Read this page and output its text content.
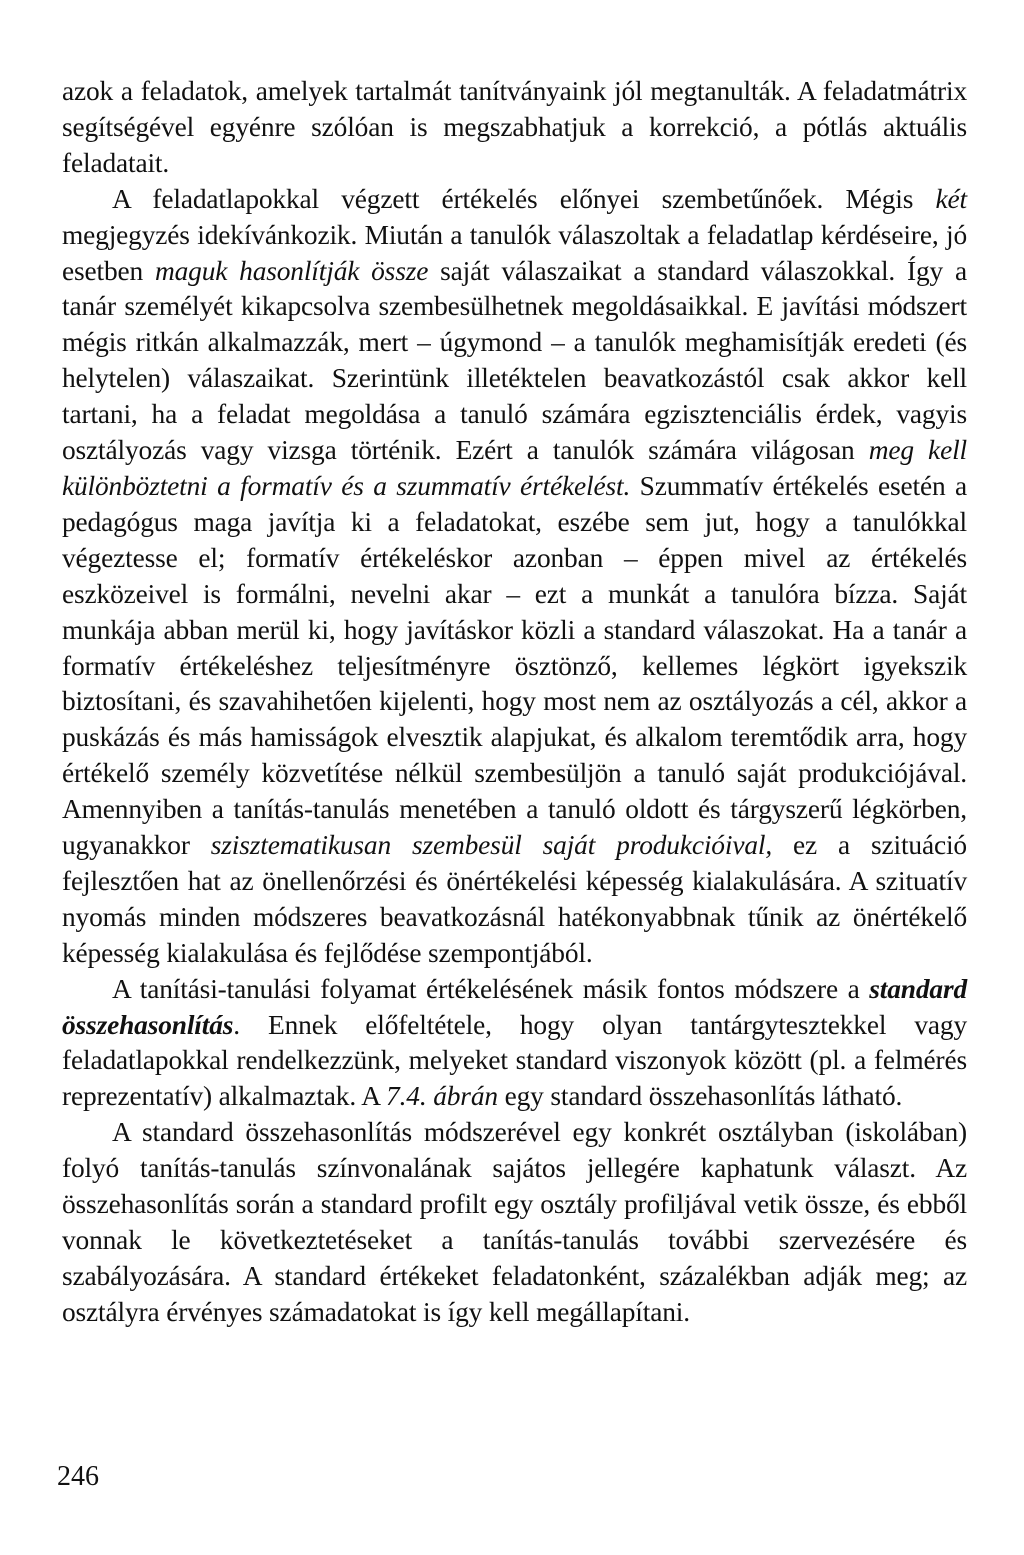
azok a feladatok, amelyek tartalmát tanítványaink jól megtanulták. A feladatmátrix segítségével egyénre szólóan is megszabhatjuk a korrekció, a pótlás aktuális feladatait.

A feladatlapokkal végzett értékelés előnyei szembetűnőek. Mégis két megjegyzés idekívánkozik. Miután a tanulók válaszoltak a feladatlap kérdéseire, jó esetben maguk hasonlítják össze saját válaszaikat a standard válaszokkal. Így a tanár személyét kikapcsolva szembesülhetnek megoldásaikkal. E javítási módszert mégis ritkán alkalmazzák, mert – úgymond – a tanulók meghamisítják eredeti (és helytelen) válaszaikat. Szerintünk illetéktelen beavatkozástól csak akkor kell tartani, ha a feladat megoldása a tanuló számára egzisztenciális érdek, vagyis osztályozás vagy vizsga történik. Ezért a tanulók számára világosan meg kell különböztetni a formatív és a szummatív értékelést. Szummatív értékelés esetén a pedagógus maga javítja ki a feladatokat, eszébe sem jut, hogy a tanulókkal végeztesse el; formatív értékeléskor azonban – éppen mivel az értékelés eszközeivel is formálni, nevelni akar – ezt a munkát a tanulóra bízza. Saját munkája abban merül ki, hogy javításkor közli a standard válaszokat. Ha a tanár a formatív értékeléshez teljesítményre ösztönző, kellemes légkört igyekszik biztosítani, és szavahihetően kijelenti, hogy most nem az osztályozás a cél, akkor a puskázás és más hamisságok elvesztik alapjukat, és alkalom teremtődik arra, hogy értékelő személy közvetítése nélkül szembesüljön a tanuló saját produkciójával. Amennyiben a tanítás-tanulás menetében a tanuló oldott és tárgyszerű légkörben, ugyanakkor szisztematikusan szembesül saját produkcióival, ez a szituáció fejlesztően hat az önellenőrzési és önértékelési képesség kialakulására. A szituatív nyomás minden módszeres beavatkozásnál hatékonyabbnak tűnik az önértékelő képesség kialakulása és fejlődése szempontjából.

A tanítási-tanulási folyamat értékelésének másik fontos módszere a standard összehasonlítás. Ennek előfeltétele, hogy olyan tantárgytesztekkel vagy feladatlapokkal rendelkezzünk, melyeket standard viszonyok között (pl. a felmérés reprezentatív) alkalmaztak. A 7.4. ábrán egy standard összehasonlítás látható.

A standard összehasonlítás módszerével egy konkrét osztályban (iskolában) folyó tanítás-tanulás színvonalának sajátos jellegére kaphatunk választ. Az összehasonlítás során a standard profilt egy osztály profiljával vetik össze, és ebből vonnak le következtetéseket a tanítás-tanulás további szervezésére és szabályozására. A standard értékeket feladatonként, százalékban adják meg; az osztályra érvényes számadatokat is így kell megállapítani.

246
